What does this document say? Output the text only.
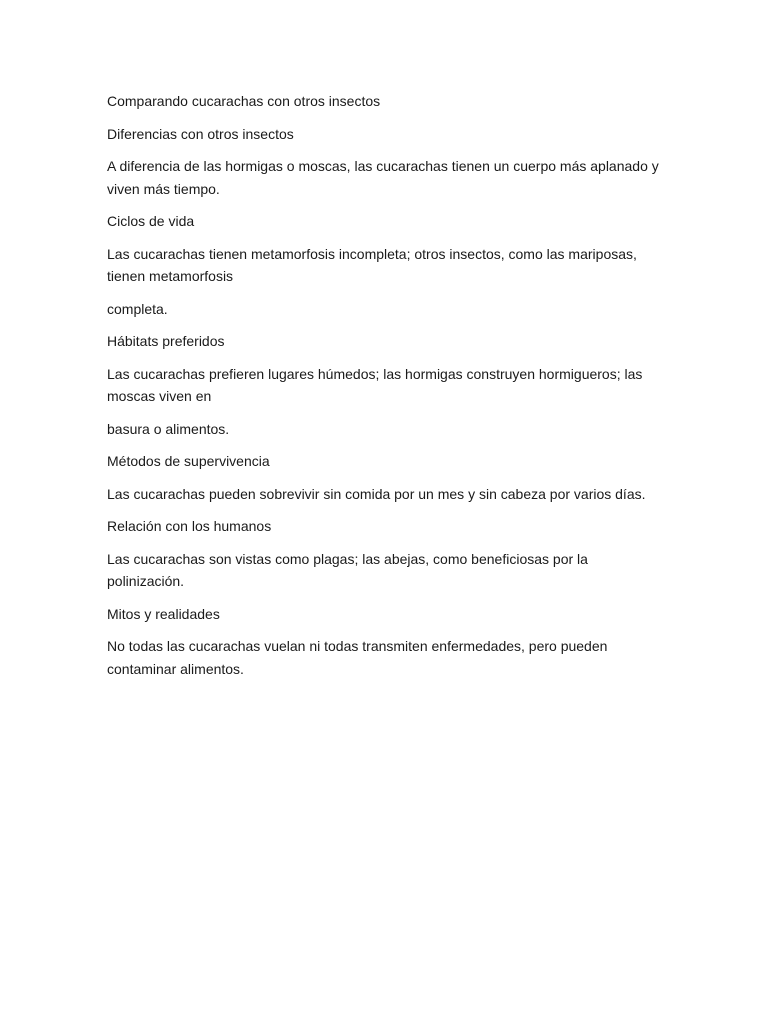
Comparando cucarachas con otros insectos

Diferencias con otros insectos

A diferencia de las hormigas o moscas, las cucarachas tienen un cuerpo más aplanado y viven más tiempo.

Ciclos de vida

Las cucarachas tienen metamorfosis incompleta; otros insectos, como las mariposas, tienen metamorfosis

completa.

Hábitats preferidos

Las cucarachas prefieren lugares húmedos; las hormigas construyen hormigueros; las moscas viven en

basura o alimentos.

Métodos de supervivencia

Las cucarachas pueden sobrevivir sin comida por un mes y sin cabeza por varios días.

Relación con los humanos

Las cucarachas son vistas como plagas; las abejas, como beneficiosas por la polinización.

Mitos y realidades

No todas las cucarachas vuelan ni todas transmiten enfermedades, pero pueden contaminar alimentos.
